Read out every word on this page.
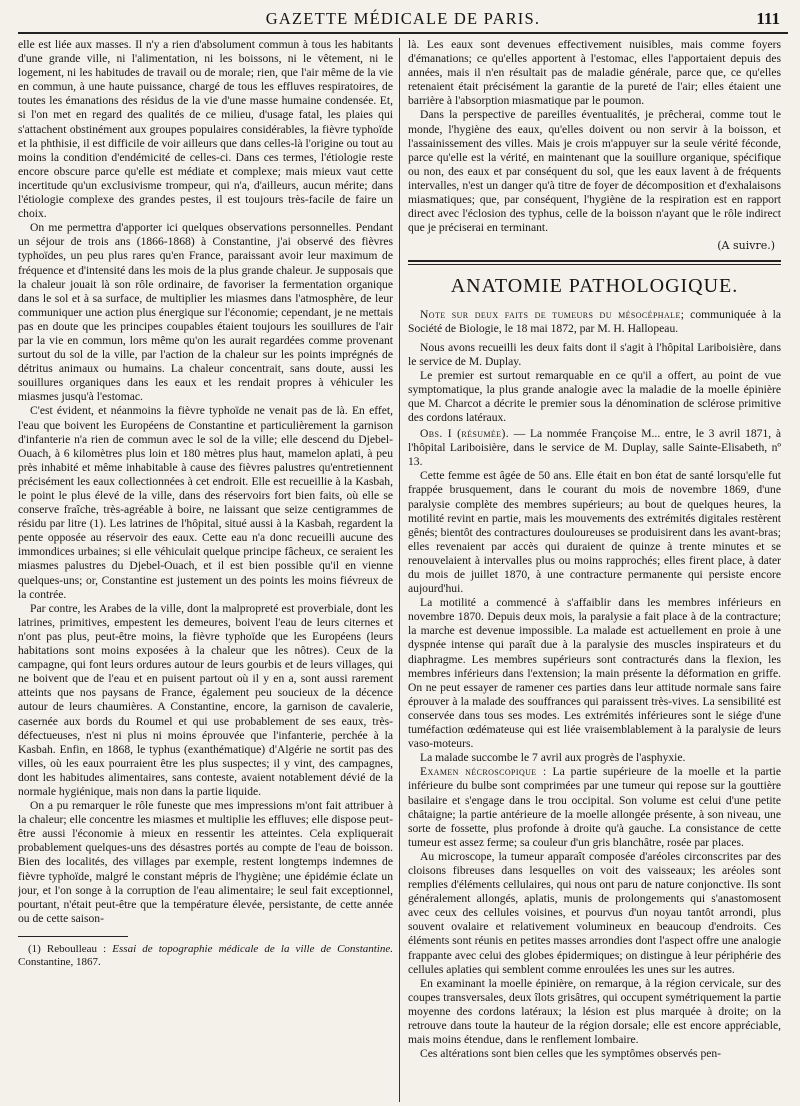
GAZETTE MÉDICALE DE PARIS.	111

elle est liée aux masses. Il n'y a rien d'absolument commun à tous les habitants d'une grande ville, ni l'alimentation, ni les boissons, ni le vêtement, ni le logement, ni les habitudes de travail ou de morale; rien, que l'air même de la vie en commun, à une haute puissance, chargé de tous les effluves respiratoires, de toutes les émanations des résidus de la vie d'une masse humaine condensée. Et, si l'on met en regard des qualités de ce milieu, d'usage fatal, les plaies qui s'attachent obstinément aux groupes populaires considérables, la fièvre typhoïde et la phthisie, il est difficile de voir ailleurs que dans celles-là l'origine ou tout au moins la condition d'endémicité de celles-ci. Dans ces termes, l'étiologie reste encore obscure parce qu'elle est médiate et complexe; mais mieux vaut cette incertitude qu'un exclusivisme trompeur, qui n'a, d'ailleurs, aucun mérite; dans l'étiologie complexe des grandes pestes, il est toujours très-facile de faire un choix.

On me permettra d'apporter ici quelques observations personnelles. Pendant un séjour de trois ans (1866-1868) à Constantine, j'ai observé des fièvres typhoïdes, un peu plus rares qu'en France, paraissant avoir leur maximum de fréquence et d'intensité dans les mois de la plus grande chaleur. Je supposais que la chaleur jouait là son rôle ordinaire, de favoriser la fermentation organique dans le sol et à sa surface, de multiplier les miasmes dans l'atmosphère, de leur communiquer une action plus énergique sur l'économie; cependant, je ne mettais pas en doute que les principes coupables étaient toujours les souillures de l'air par la vie en commun, lors même qu'on les aurait regardées comme provenant surtout du sol de la ville, par l'action de la chaleur sur les points imprégnés de détritus animaux ou humains. La chaleur concentrait, sans doute, aussi les souillures organiques dans les eaux et les rendait propres à véhiculer les miasmes jusqu'à l'estomac.

C'est évident, et néanmoins la fièvre typhoïde ne venait pas de là. En effet, l'eau que boivent les Européens de Constantine et particulièrement la garnison d'infanterie n'a rien de commun avec le sol de la ville; elle descend du Djebel-Ouach, à 6 kilomètres plus loin et 180 mètres plus haut, mamelon aplati, à peu près inhabité et même inhabitable à cause des fièvres palustres qu'entretiennent précisément les eaux collectionnées à cet endroit. Elle est recueillie à la Kasbah, le point le plus élevé de la ville, dans des réservoirs fort bien faits, où elle se conserve fraîche, très-agréable à boire, ne laissant que seize centigrammes de résidu par litre (1). Les latrines de l'hôpital, situé aussi à la Kasbah, regardent la pente opposée au réservoir des eaux. Cette eau n'a donc recueilli aucune des immondices urbaines; si elle véhiculait quelque principe fâcheux, ce seraient les miasmes palustres du Djebel-Ouach, et il est bien possible qu'il en vienne quelques-uns; or, Constantine est justement un des points les moins fiévreux de la contrée.

Par contre, les Arabes de la ville, dont la malpropreté est proverbiale, dont les latrines, primitives, empestent les demeures, boivent l'eau de leurs citernes et n'ont pas plus, peut-être moins, la fièvre typhoïde que les Européens (leurs habitations sont moins exposées à la chaleur que les nôtres). Ceux de la campagne, qui font leurs ordures autour de leurs gourbis et de leurs villages, qui ne boivent que de l'eau et en puisent partout où il y en a, sont aussi rarement atteints que nos paysans de France, également peu soucieux de la décence autour de leurs chaumières. A Constantine, encore, la garnison de cavalerie, casernée aux bords du Roumel et qui use probablement de ses eaux, très-défectueuses, n'est ni plus ni moins éprouvée que l'infanterie, perchée à la Kasbah. Enfin, en 1868, le typhus (exanthématique) d'Algérie ne sortit pas des villes, où les eaux pourraient être les plus suspectes; il y vint, des campagnes, dont les habitudes alimentaires, sans conteste, avaient notablement dévié de la normale hygiénique, mais non dans la partie liquide.

On a pu remarquer le rôle funeste que mes impressions m'ont fait attribuer à la chaleur; elle concentre les miasmes et multiplie les effluves; elle dispose peut-être aussi l'économie à mieux en ressentir les atteintes. Cela expliquerait probablement quelques-uns des désastres portés au compte de l'eau de boisson. Bien des localités, des villages par exemple, restent longtemps indemnes de fièvre typhoïde, malgré le constant mépris de l'hygiène; une épidémie éclate un jour, et l'on songe à la corruption de l'eau alimentaire; le seul fait exceptionnel, pourtant, n'était peut-être que la température élevée, persistante, de cette année ou de cette saison-

(1) Reboulleau : Essai de topographie médicale de la ville de Constantine. Constantine, 1867.

là. Les eaux sont devenues effectivement nuisibles, mais comme foyers d'émanations; ce qu'elles apportent à l'estomac, elles l'apportaient depuis des années, mais il n'en résultait pas de maladie générale, parce que, ce qu'elles retenaient était précisément la garantie de la pureté de l'air; elles étaient une barrière à l'absorption miasmatique par le poumon.

Dans la perspective de pareilles éventualités, je prêcherai, comme tout le monde, l'hygiène des eaux, qu'elles doivent ou non servir à la boisson, et l'assainissement des villes. Mais je crois m'appuyer sur la seule vérité féconde, parce qu'elle est la vérité, en maintenant que la souillure organique, spécifique ou non, des eaux et par conséquent du sol, que les eaux lavent à de fréquents intervalles, n'est un danger qu'à titre de foyer de décomposition et d'exhalaisons miasmatiques; que, par conséquent, l'hygiène de la respiration est en rapport direct avec l'éclosion des typhus, celle de la boisson n'ayant que le rôle indirect que je préciserai en terminant.

(A suivre.)
ANATOMIE PATHOLOGIQUE.

Note sur deux faits de tumeurs du mésocéphale; communiquée à la Société de Biologie, le 18 mai 1872, par M. H. Hallopeau.

Nous avons recueilli les deux faits dont il s'agit à l'hôpital Lariboisière, dans le service de M. Duplay.

Le premier est surtout remarquable en ce qu'il a offert, au point de vue symptomatique, la plus grande analogie avec la maladie de la moelle épinière que M. Charcot a décrite le premier sous la dénomination de sclérose primitive des cordons latéraux.

Obs. I (résumée). — La nommée Françoise M... entre, le 3 avril 1871, à l'hôpital Lariboisière, dans le service de M. Duplay, salle Sainte-Elisabeth, nº 13.

Cette femme est âgée de 50 ans. Elle était en bon état de santé lorsqu'elle fut frappée brusquement, dans le courant du mois de novembre 1869, d'une paralysie complète des membres supérieurs; au bout de quelques heures, la motilité revint en partie, mais les mouvements des extrémités digitales restèrent gênés; bientôt des contractures douloureuses se produisirent dans les avant-bras; elles revenaient par accès qui duraient de quinze à trente minutes et se renouvelaient à intervalles plus ou moins rapprochés; elles firent place, à dater du mois de juillet 1870, à une contracture permanente qui persiste encore aujourd'hui.

La motilité a commencé à s'affaiblir dans les membres inférieurs en novembre 1870. Depuis deux mois, la paralysie a fait place à de la contracture; la marche est devenue impossible. La malade est actuellement en proie à une dyspnée intense qui paraît due à la paralysie des muscles inspirateurs et du diaphragme. Les membres supérieurs sont contracturés dans la flexion, les membres inférieurs dans l'extension; la main présente la déformation en griffe. On ne peut essayer de ramener ces parties dans leur attitude normale sans faire éprouver à la malade des souffrances qui paraissent très-vives. La sensibilité est conservée dans tous ses modes. Les extrémités inférieures sont le siége d'une tuméfaction œdémateuse qui est liée vraisemblablement à la paralysie de leurs vaso-moteurs.

La malade succombe le 7 avril aux progrès de l'asphyxie.

Examen nécroscopique : La partie supérieure de la moelle et la partie inférieure du bulbe sont comprimées par une tumeur qui repose sur la gouttière basilaire et s'engage dans le trou occipital. Son volume est celui d'une petite châtaigne; la partie antérieure de la moelle allongée présente, à son niveau, une sorte de fossette, plus profonde à droite qu'à gauche. La consistance de cette tumeur est assez ferme; sa couleur d'un gris blanchâtre, rosée par places.

Au microscope, la tumeur apparaît composée d'aréoles circonscrites par des cloisons fibreuses dans lesquelles on voit des vaisseaux; les aréoles sont remplies d'éléments cellulaires, qui nous ont paru de nature conjonctive. Ils sont généralement allongés, aplatis, munis de prolongements qui s'anastomosent avec ceux des cellules voisines, et pourvus d'un noyau tantôt arrondi, plus souvent ovalaire et relativement volumineux en beaucoup d'endroits. Ces éléments sont réunis en petites masses arrondies dont l'aspect offre une analogie frappante avec celui des globes épidermiques; on distingue à leur périphérie des cellules aplaties qui semblent comme enroulées les unes sur les autres.

En examinant la moelle épinière, on remarque, à la région cervicale, sur des coupes transversales, deux îlots grisâtres, qui occupent symétriquement la partie moyenne des cordons latéraux; la lésion est plus marquée à droite; on la retrouve dans toute la hauteur de la région dorsale; elle est encore appréciable, mais moins étendue, dans le renflement lombaire.

Ces altérations sont bien celles que les symptômes observés pen-
